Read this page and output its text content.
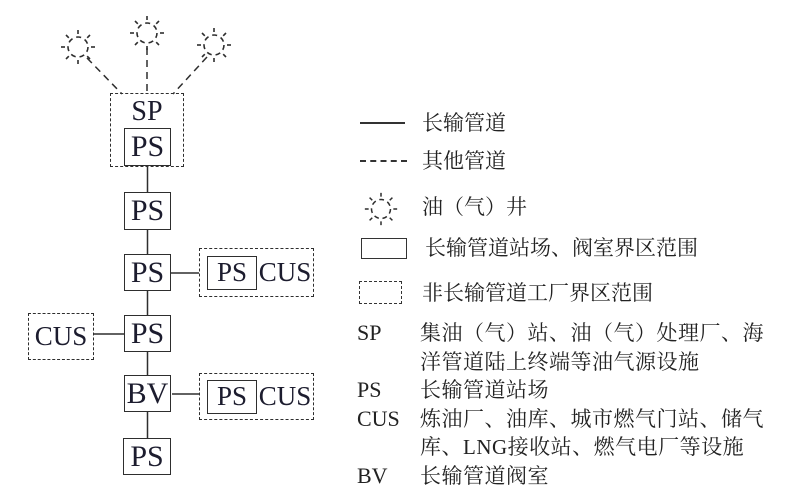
SP
PS
PS
PS
PS
BV
PS
PS CUS
CUS
PS CUS
长输管道
其他管道
油（气）井
长输管道站场、阀室界区范围
非长输管道工厂界区范围
SP	集油（气）站、油（气）处理厂、海洋管道陆上终端等油气源设施
PS	长输管道站场
CUS 炼油厂、油库、城市燃气门站、储气库、LNG接收站、燃气电厂等设施
BV	长输管道阀室
